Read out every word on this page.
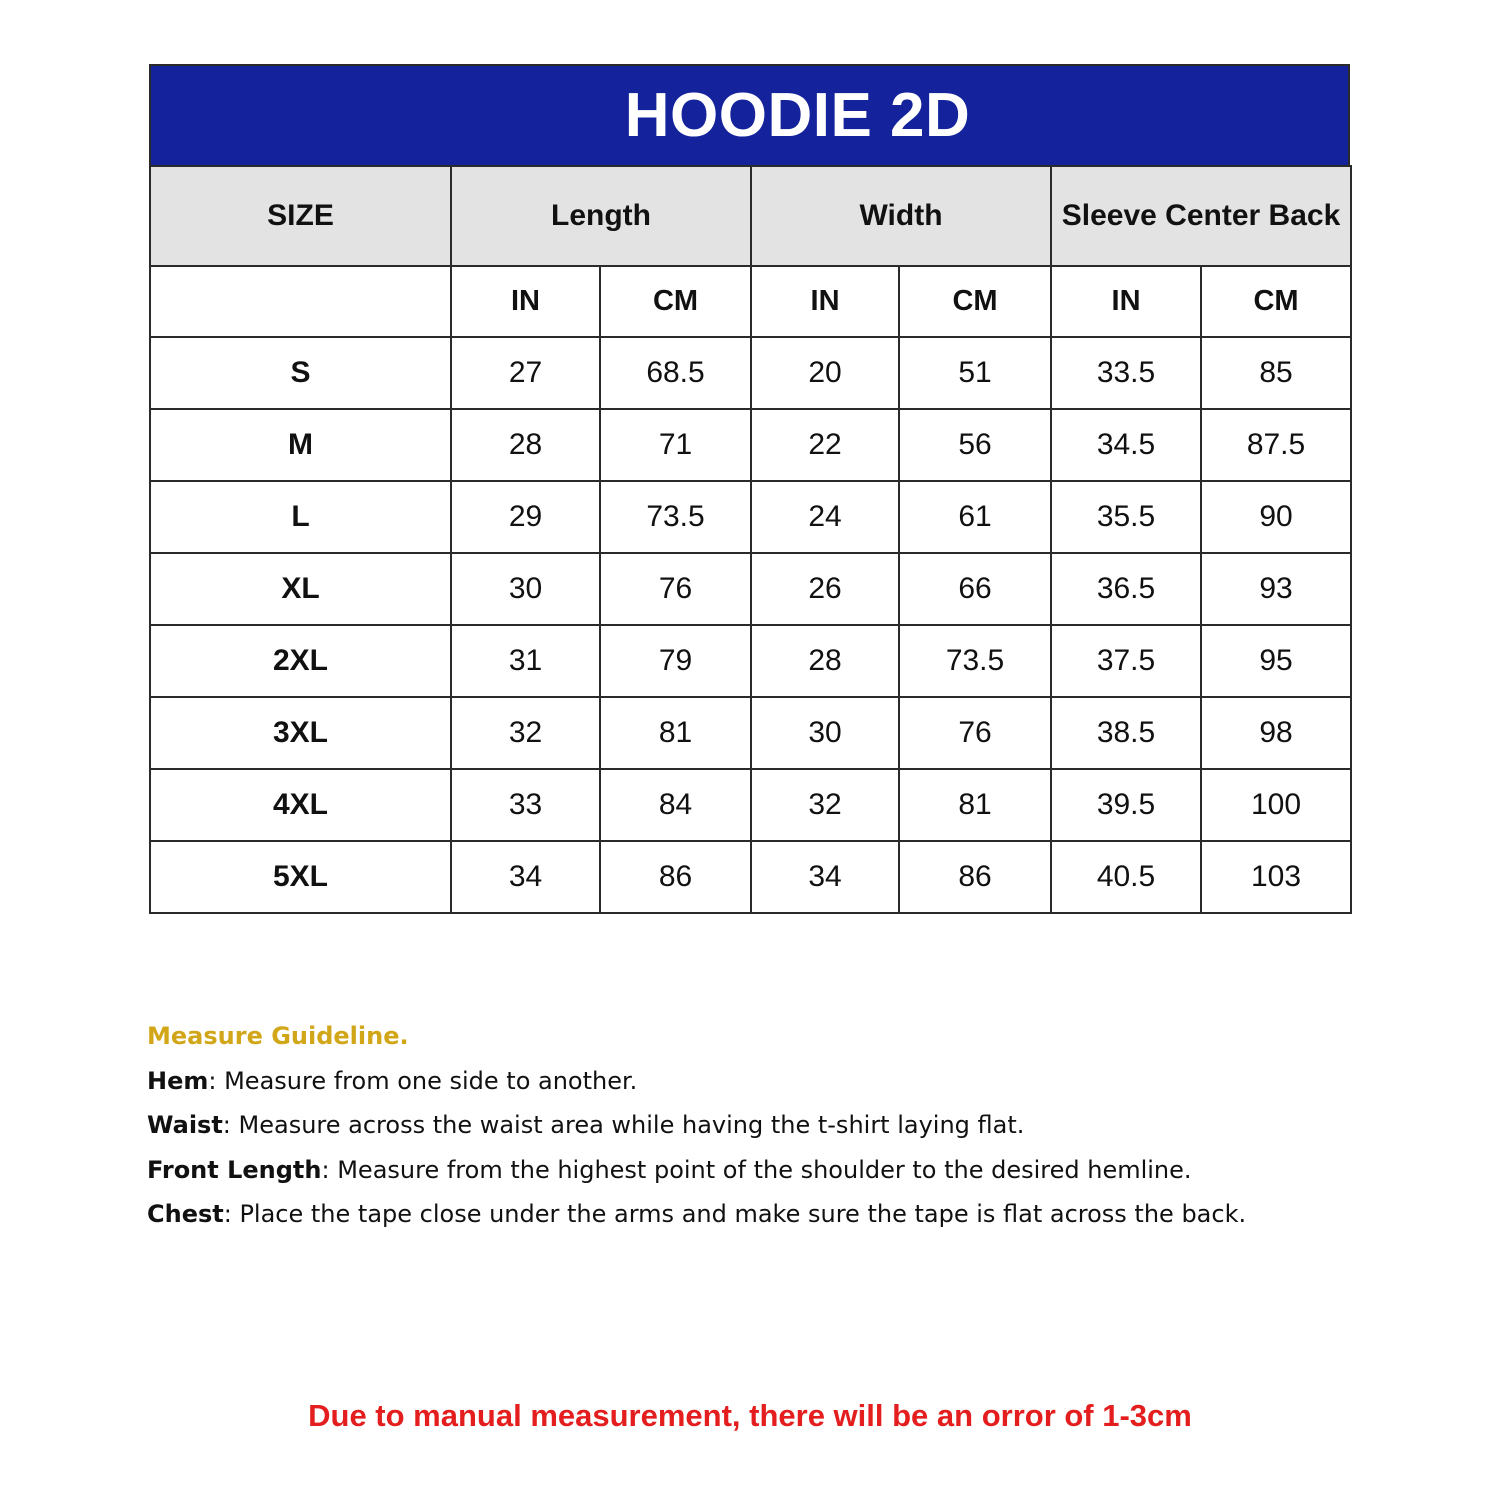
HOODIE 2D
SIZE	Length		Width		Sleeve Center Back	
	IN	CM	IN	CM	IN	CM
S	27	68.5	20	51	33.5	85
M	28	71	22	56	34.5	87.5
L	29	73.5	24	61	35.5	90
XL	30	76	26	66	36.5	93
2XL	31	79	28	73.5	37.5	95
3XL	32	81	30	76	38.5	98
4XL	33	84	32	81	39.5	100
5XL	34	86	34	86	40.5	103
Measure Guideline.
Hem: Measure from one side to another.
Waist: Measure across the waist area while having the t-shirt laying flat.
Front Length: Measure from the highest point of the shoulder to the desired hemline.
Chest: Place the tape close under the arms and make sure the tape is flat across the back.
Due to manual measurement, there will be an orror of 1-3cm
